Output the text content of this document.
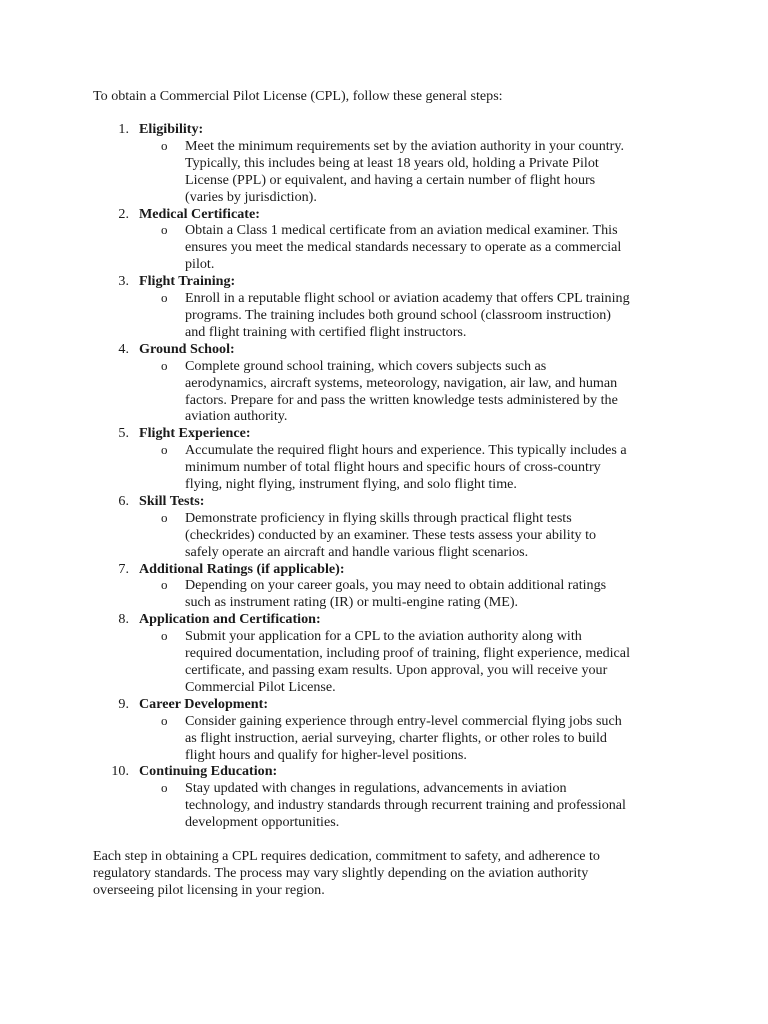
To obtain a Commercial Pilot License (CPL), follow these general steps:

1. Eligibility:
o Meet the minimum requirements set by the aviation authority in your country.
Typically, this includes being at least 18 years old, holding a Private Pilot
License (PPL) or equivalent, and having a certain number of flight hours
(varies by jurisdiction).
2. Medical Certificate:
o Obtain a Class 1 medical certificate from an aviation medical examiner. This
ensures you meet the medical standards necessary to operate as a commercial
pilot.
3. Flight Training:
o Enroll in a reputable flight school or aviation academy that offers CPL training
programs. The training includes both ground school (classroom instruction)
and flight training with certified flight instructors.
4. Ground School:
o Complete ground school training, which covers subjects such as
aerodynamics, aircraft systems, meteorology, navigation, air law, and human
factors. Prepare for and pass the written knowledge tests administered by the
aviation authority.
5. Flight Experience:
o Accumulate the required flight hours and experience. This typically includes a
minimum number of total flight hours and specific hours of cross-country
flying, night flying, instrument flying, and solo flight time.
6. Skill Tests:
o Demonstrate proficiency in flying skills through practical flight tests
(checkrides) conducted by an examiner. These tests assess your ability to
safely operate an aircraft and handle various flight scenarios.
7. Additional Ratings (if applicable):
o Depending on your career goals, you may need to obtain additional ratings
such as instrument rating (IR) or multi-engine rating (ME).
8. Application and Certification:
o Submit your application for a CPL to the aviation authority along with
required documentation, including proof of training, flight experience, medical
certificate, and passing exam results. Upon approval, you will receive your
Commercial Pilot License.
9. Career Development:
o Consider gaining experience through entry-level commercial flying jobs such
as flight instruction, aerial surveying, charter flights, or other roles to build
flight hours and qualify for higher-level positions.
10. Continuing Education:
o Stay updated with changes in regulations, advancements in aviation
technology, and industry standards through recurrent training and professional
development opportunities.

Each step in obtaining a CPL requires dedication, commitment to safety, and adherence to
regulatory standards. The process may vary slightly depending on the aviation authority
overseeing pilot licensing in your region.
